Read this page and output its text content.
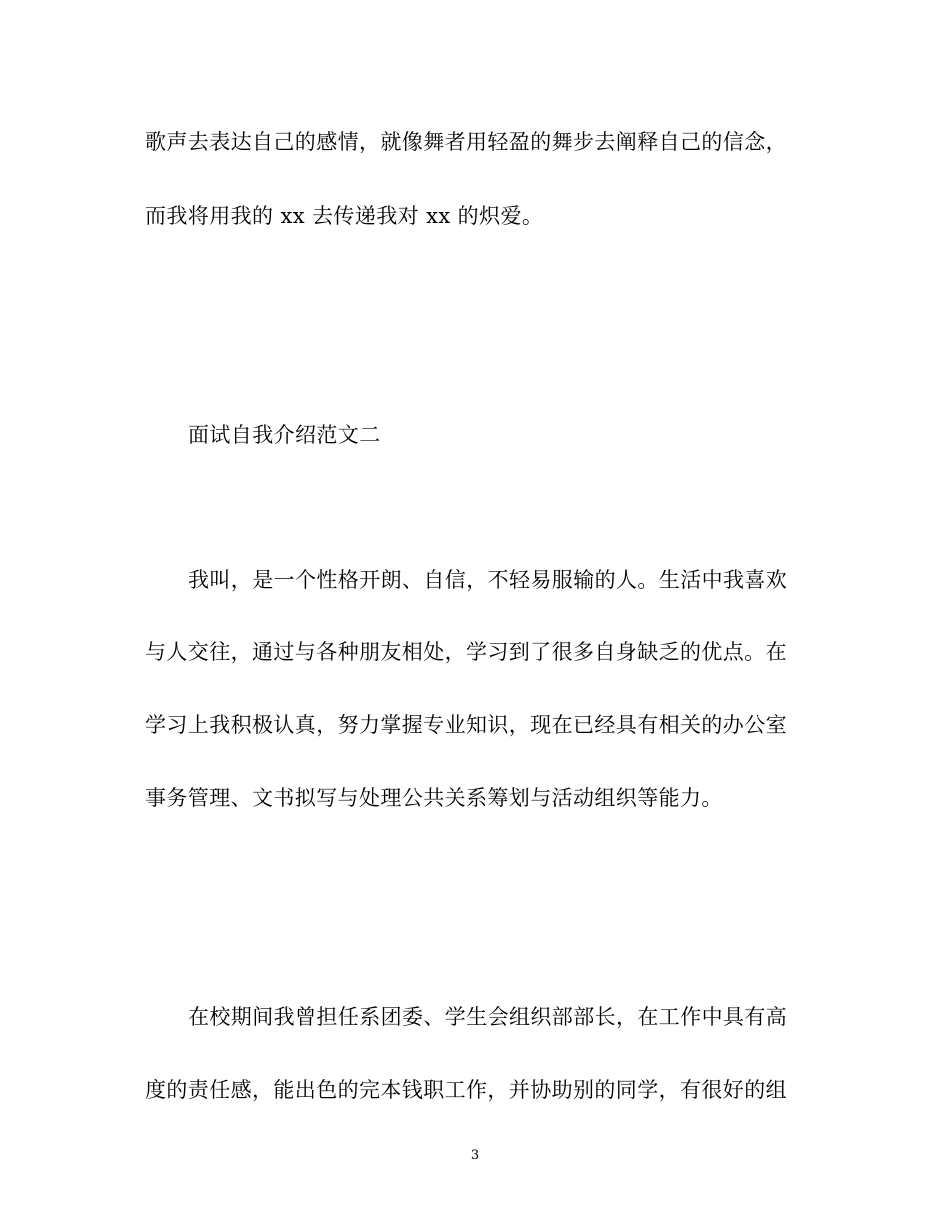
歌声去表达自己的感情，就像舞者用轻盈的舞步去阐释自己的信念，
而我将用我的 xx 去传递我对 xx 的炽爱。
面试自我介绍范文二
我叫，是一个性格开朗、自信，不轻易服输的人。生活中我喜欢
与人交往，通过与各种朋友相处，学习到了很多自身缺乏的优点。在
学习上我积极认真，努力掌握专业知识，现在已经具有相关的办公室
事务管理、文书拟写与处理公共关系筹划与活动组织等能力。
在校期间我曾担任系团委、学生会组织部部长，在工作中具有高
度的责任感，能出色的完本钱职工作，并协助别的同学，有很好的组
3
